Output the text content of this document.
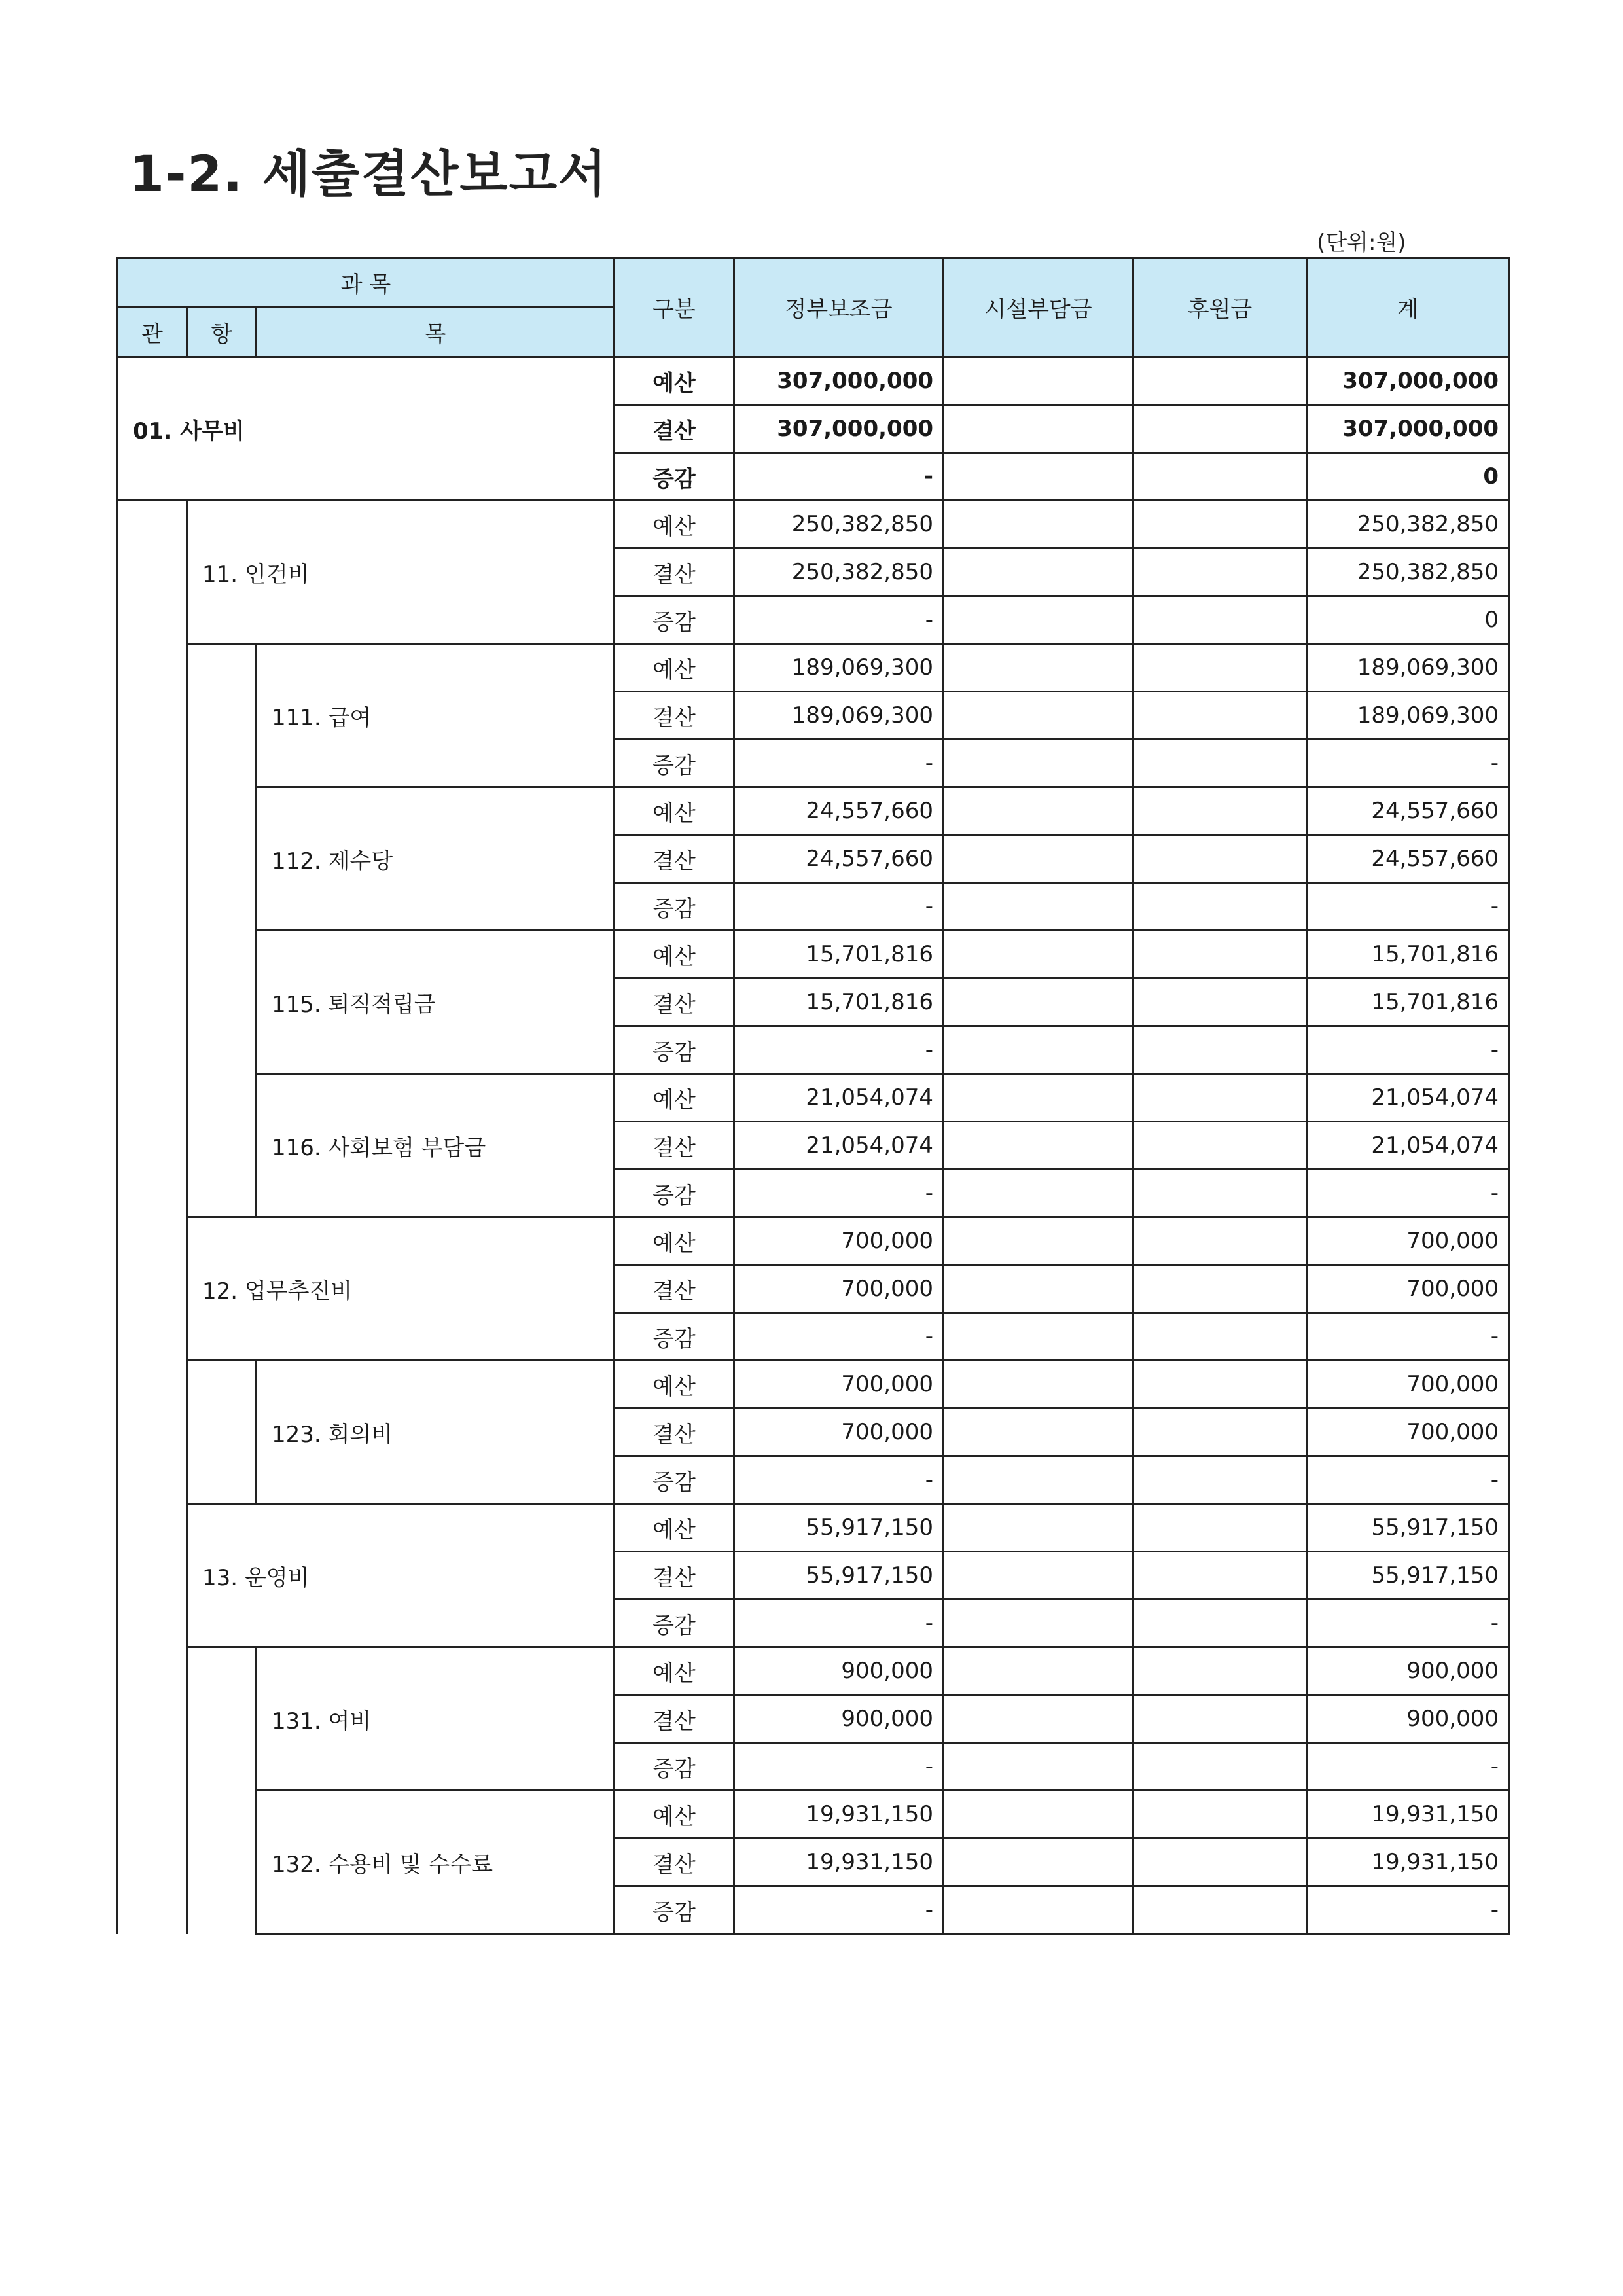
1-2. 세출결산보고서
(단위:원)
과 목			구분	정부보조금	시설부담금	후원금	계
관	항	목					
01. 사무비			예산	307,000,000			307,000,000
			결산	307,000,000			307,000,000
			증감	-			0
	11. 인건비		예산	250,382,850			250,382,850
			결산	250,382,850			250,382,850
			증감	-			0
		111. 급여	예산	189,069,300			189,069,300
			결산	189,069,300			189,069,300
			증감	-			-
		112. 제수당	예산	24,557,660			24,557,660
			결산	24,557,660			24,557,660
			증감	-			-
		115. 퇴직적립금	예산	15,701,816			15,701,816
			결산	15,701,816			15,701,816
			증감	-			-
		116. 사회보험 부담금	예산	21,054,074			21,054,074
			결산	21,054,074			21,054,074
			증감	-			-
	12. 업무추진비		예산	700,000			700,000
			결산	700,000			700,000
			증감	-			-
		123. 회의비	예산	700,000			700,000
			결산	700,000			700,000
			증감	-			-
	13. 운영비		예산	55,917,150			55,917,150
			결산	55,917,150			55,917,150
			증감	-			-
		131. 여비	예산	900,000			900,000
			결산	900,000			900,000
			증감	-			-
		132. 수용비 및 수수료	예산	19,931,150			19,931,150
			결산	19,931,150			19,931,150
			증감	-			-
